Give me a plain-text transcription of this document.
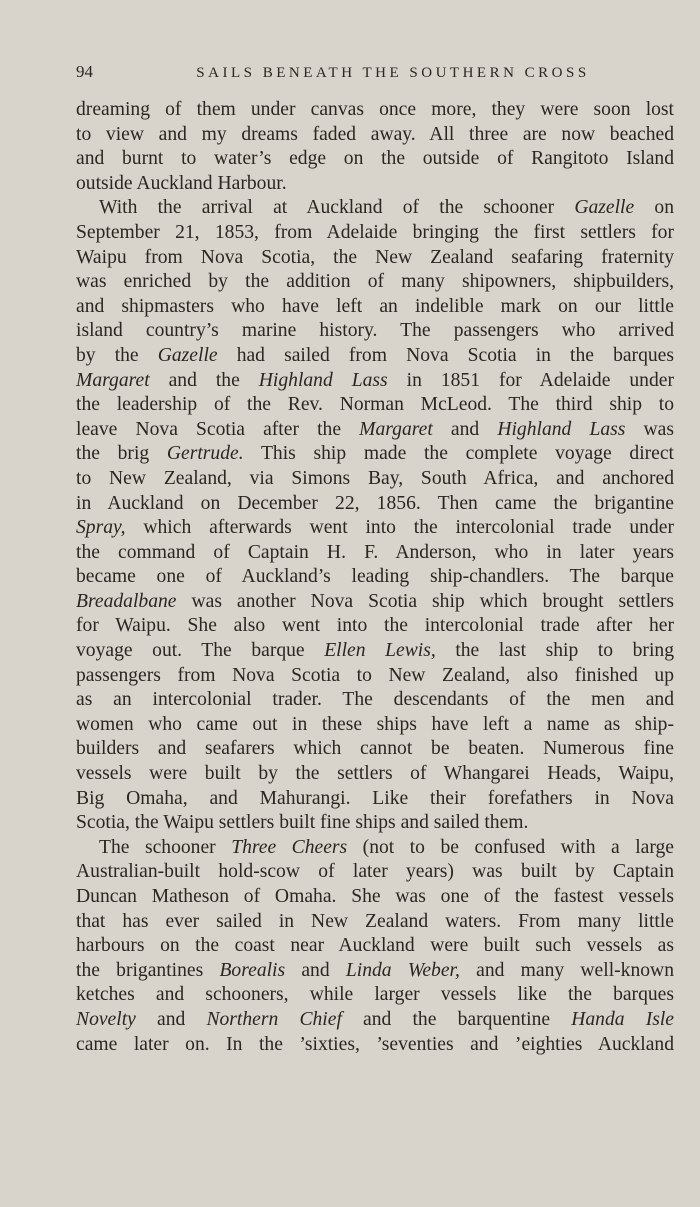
94	SAILS BENEATH THE SOUTHERN CROSS
dreaming of them under canvas once more, they were soon lost
to view and my dreams faded away. All three are now beached
and burnt to water’s edge on the outside of Rangitoto Island
outside Auckland Harbour.
With the arrival at Auckland of the schooner Gazelle on
September 21, 1853, from Adelaide bringing the first settlers for
Waipu from Nova Scotia, the New Zealand seafaring fraternity
was enriched by the addition of many shipowners, shipbuilders,
and shipmasters who have left an indelible mark on our little
island country’s marine history. The passengers who arrived
by the Gazelle had sailed from Nova Scotia in the barques
Margaret and the Highland Lass in 1851 for Adelaide under
the leadership of the Rev. Norman McLeod. The third ship to
leave Nova Scotia after the Margaret and Highland Lass was
the brig Gertrude. This ship made the complete voyage direct
to New Zealand, via Simons Bay, South Africa, and anchored
in Auckland on December 22, 1856. Then came the brigantine
Spray, which afterwards went into the intercolonial trade under
the command of Captain H. F. Anderson, who in later years
became one of Auckland’s leading ship-chandlers. The barque
Breadalbane was another Nova Scotia ship which brought settlers
for Waipu. She also went into the intercolonial trade after her
voyage out. The barque Ellen Lewis, the last ship to bring
passengers from Nova Scotia to New Zealand, also finished up
as an intercolonial trader. The descendants of the men and
women who came out in these ships have left a name as ship-
builders and seafarers which cannot be beaten. Numerous fine
vessels were built by the settlers of Whangarei Heads, Waipu,
Big Omaha, and Mahurangi. Like their forefathers in Nova
Scotia, the Waipu settlers built fine ships and sailed them.
The schooner Three Cheers (not to be confused with a large
Australian-built hold-scow of later years) was built by Captain
Duncan Matheson of Omaha. She was one of the fastest vessels
that has ever sailed in New Zealand waters. From many little
harbours on the coast near Auckland were built such vessels as
the brigantines Borealis and Linda Weber, and many well-known
ketches and schooners, while larger vessels like the barques
Novelty and Northern Chief and the barquentine Handa Isle
came later on. In the ’sixties, ’seventies and ’eighties Auckland
